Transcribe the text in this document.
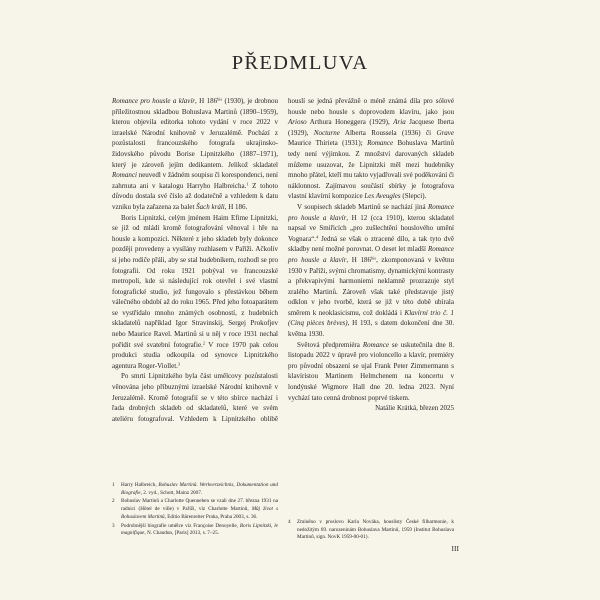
PŘEDMLUVA

Romance pro housle a klavír, H $186^{bis}$ (1930), je drobnou příležitostnou skladbou Bohuslava Martinů (1890–1959), kterou objevila editorka tohoto vydání v roce 2022 v izraelské Národní knihovně v Jeruzalémě. Pochází z pozůstalosti francouzského fotografa ukrajinsko-židovského původu Borise Lipnitzkého (1887–1971), který je zároveň jejím dedikantem. Jelikož skladatel Romanci neuvedl v žádném soupisu či korespondenci, není zahrnuta ani v katalogu Harryho Halbreicha.$^1$ Z tohoto důvodu dostala své číslo až dodatečně a vzhledem k datu vzniku byla zařazena za balet Šach králi, H 186.

Boris Lipnitzki, celým jménem Haim Efime Lipnitzki, se již od mládí kromě fotografování věnoval i hře na housle a kompozici. Některé z jeho skladeb byly dokonce později provedeny a vysílány rozhlasem v Paříži. Ačkoliv si jeho rodiče přáli, aby se stal hudebníkem, rozhodl se pro fotografii. Od roku 1921 pobýval ve francouzské metropoli, kde si následující rok otevřel i své vlastní fotografické studio, jež fungovalo s přestávkou během válečného období až do roku 1965. Před jeho fotoaparátem se vystřídalo mnoho známých osobností, z hudebních skladatelů například Igor Stravinskij, Sergej Prokofjev nebo Maurice Ravel. Martinů si u něj v roce 1931 nechal pořídit své svatební fotografie.$^2$ V roce 1970 pak celou produkci studia odkoupila od synovce Lipnitzkého agentura Roger-Viollet.$^3$

Po smrti Lipnitzkého byla část umělcovy pozůstalosti věnována jeho příbuznými izraelské Národní knihovně v Jeruzalémě. Kromě fotografií se v této sbírce nachází i řada drobných skladeb od skladatelů, které ve svém ateliéru fotografoval. Vzhledem k Lipnitzkého oblibě

houslí se jedná převážně o méně známá díla pro sólové housle nebo housle s doprovodem klavíru, jako jsou Arioso Arthura Honeggera (1929), Aria Jacquese Iberta (1929), Nocturne Alberta Roussela (1936) či Grave Maurice Thirieta (1931); Romance Bohuslava Martinů tedy není výjimkou. Z množství darovaných skladeb můžeme usuzovat, že Lipnitzki měl mezi hudebníky mnoho přátel, kteří mu takto vyjadřovali své poděkování či náklonnost. Zajímavou součástí sbírky je fotografova vlastní klavírní kompozice Les Aveugles (Slepci).

V soupisech skladeb Martinů se nachází jiná Romance pro housle a klavír, H 12 (cca 1910), kterou skladatel napsal ve Smiřicích „pro zušlechtění houslového umění Vognara“.$^4$ Jedná se však o ztracené dílo, a tak tyto dvě skladby není možné porovnat. O deset let mladší Romance pro housle a klavír, H $186^{bis}$, zkomponovaná v květnu 1930 v Paříži, svými chromatismy, dynamickými kontrasty a překvapivými harmoniemi neklamně prozrazuje styl zralého Martinů. Zároveň však také představuje jistý odklon v jeho tvorbě, která se již v této době ubírala směrem k neoklasicismu, což dokládá i Klavírní trio č. 1 (Cinq pièces brèves), H 193, s datem dokončení dne 30. května 1930.

Světová předpremiéra Romance se uskutečnila dne 8. listopadu 2022 v úpravě pro violoncello a klavír, premiéry pro původní obsazení se ujal Frank Peter Zimmermann s klavíristou Martinem Helmchenem na koncertu v londýnské Wigmore Hall dne 20. ledna 2023. Nyní vychází tato cenná drobnost poprvé tiskem.

Natálie Krátká, březen 2025

1	Harry Halbreich, Bohuslav Martinů. Werkverzeichnis, Dokumentation und Biografie, 2. vyd., Schott, Mainz 2007.
2	Bohuslav Martinů a Charlotte Quennehen se vzali dne 27. března 1931 na radnici (Hôtel de ville) v Paříži, viz Charlotte Martinů, Můj život s Bohuslavem Martinů, Editio Bärenreiter Praha, Praha 2003, s. 36.
3	Podrobnější biografie umělce viz Françoise Denoyelle, Boris Lipnitzki, le magnifique, N. Chaudun, [Paris] 2013, s. 7–25.
4	Zmíněno v proslovu Karla Nováka, houslisty České filharmonie, k nedožitým 69. narozeninám Bohuslava Martinů, 1959 (Institut Bohuslava Martinů, sign. NovK 1959-00-01).
III
